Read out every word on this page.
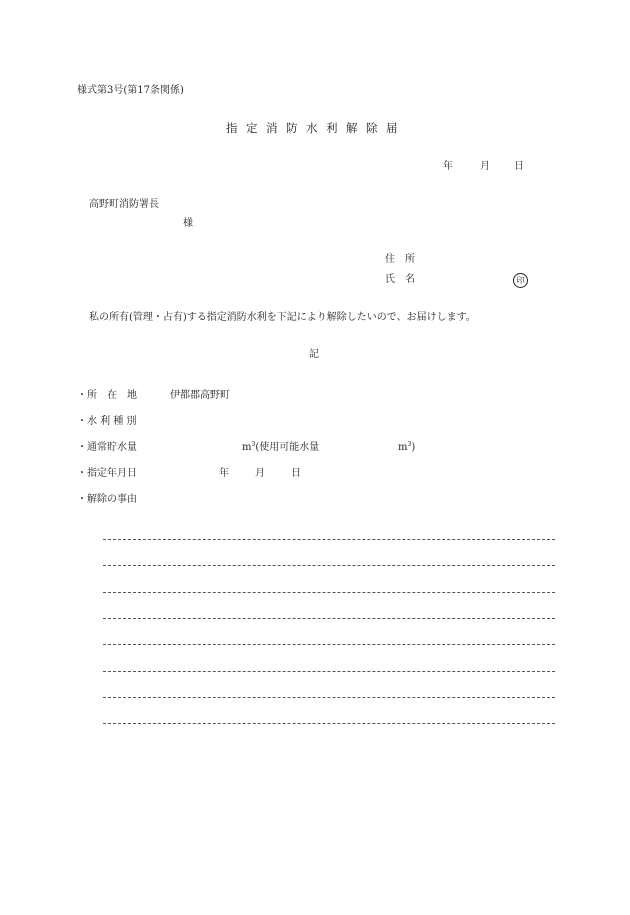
様式第3号(第17条関係)
指定消防水利解除届
年	月 日
高野町消防署長
様
住　所
氏　名	印
私の所有(管理・占有)する指定消防水利を下記により解除したいので、お届けします。
記
・所　在　地	伊都郡高野町
・水 利 種 別
・通常貯水量	$m^3$(使用可能水量	$m^3$)
・指定年月日	年	月	日
・解除の事由
